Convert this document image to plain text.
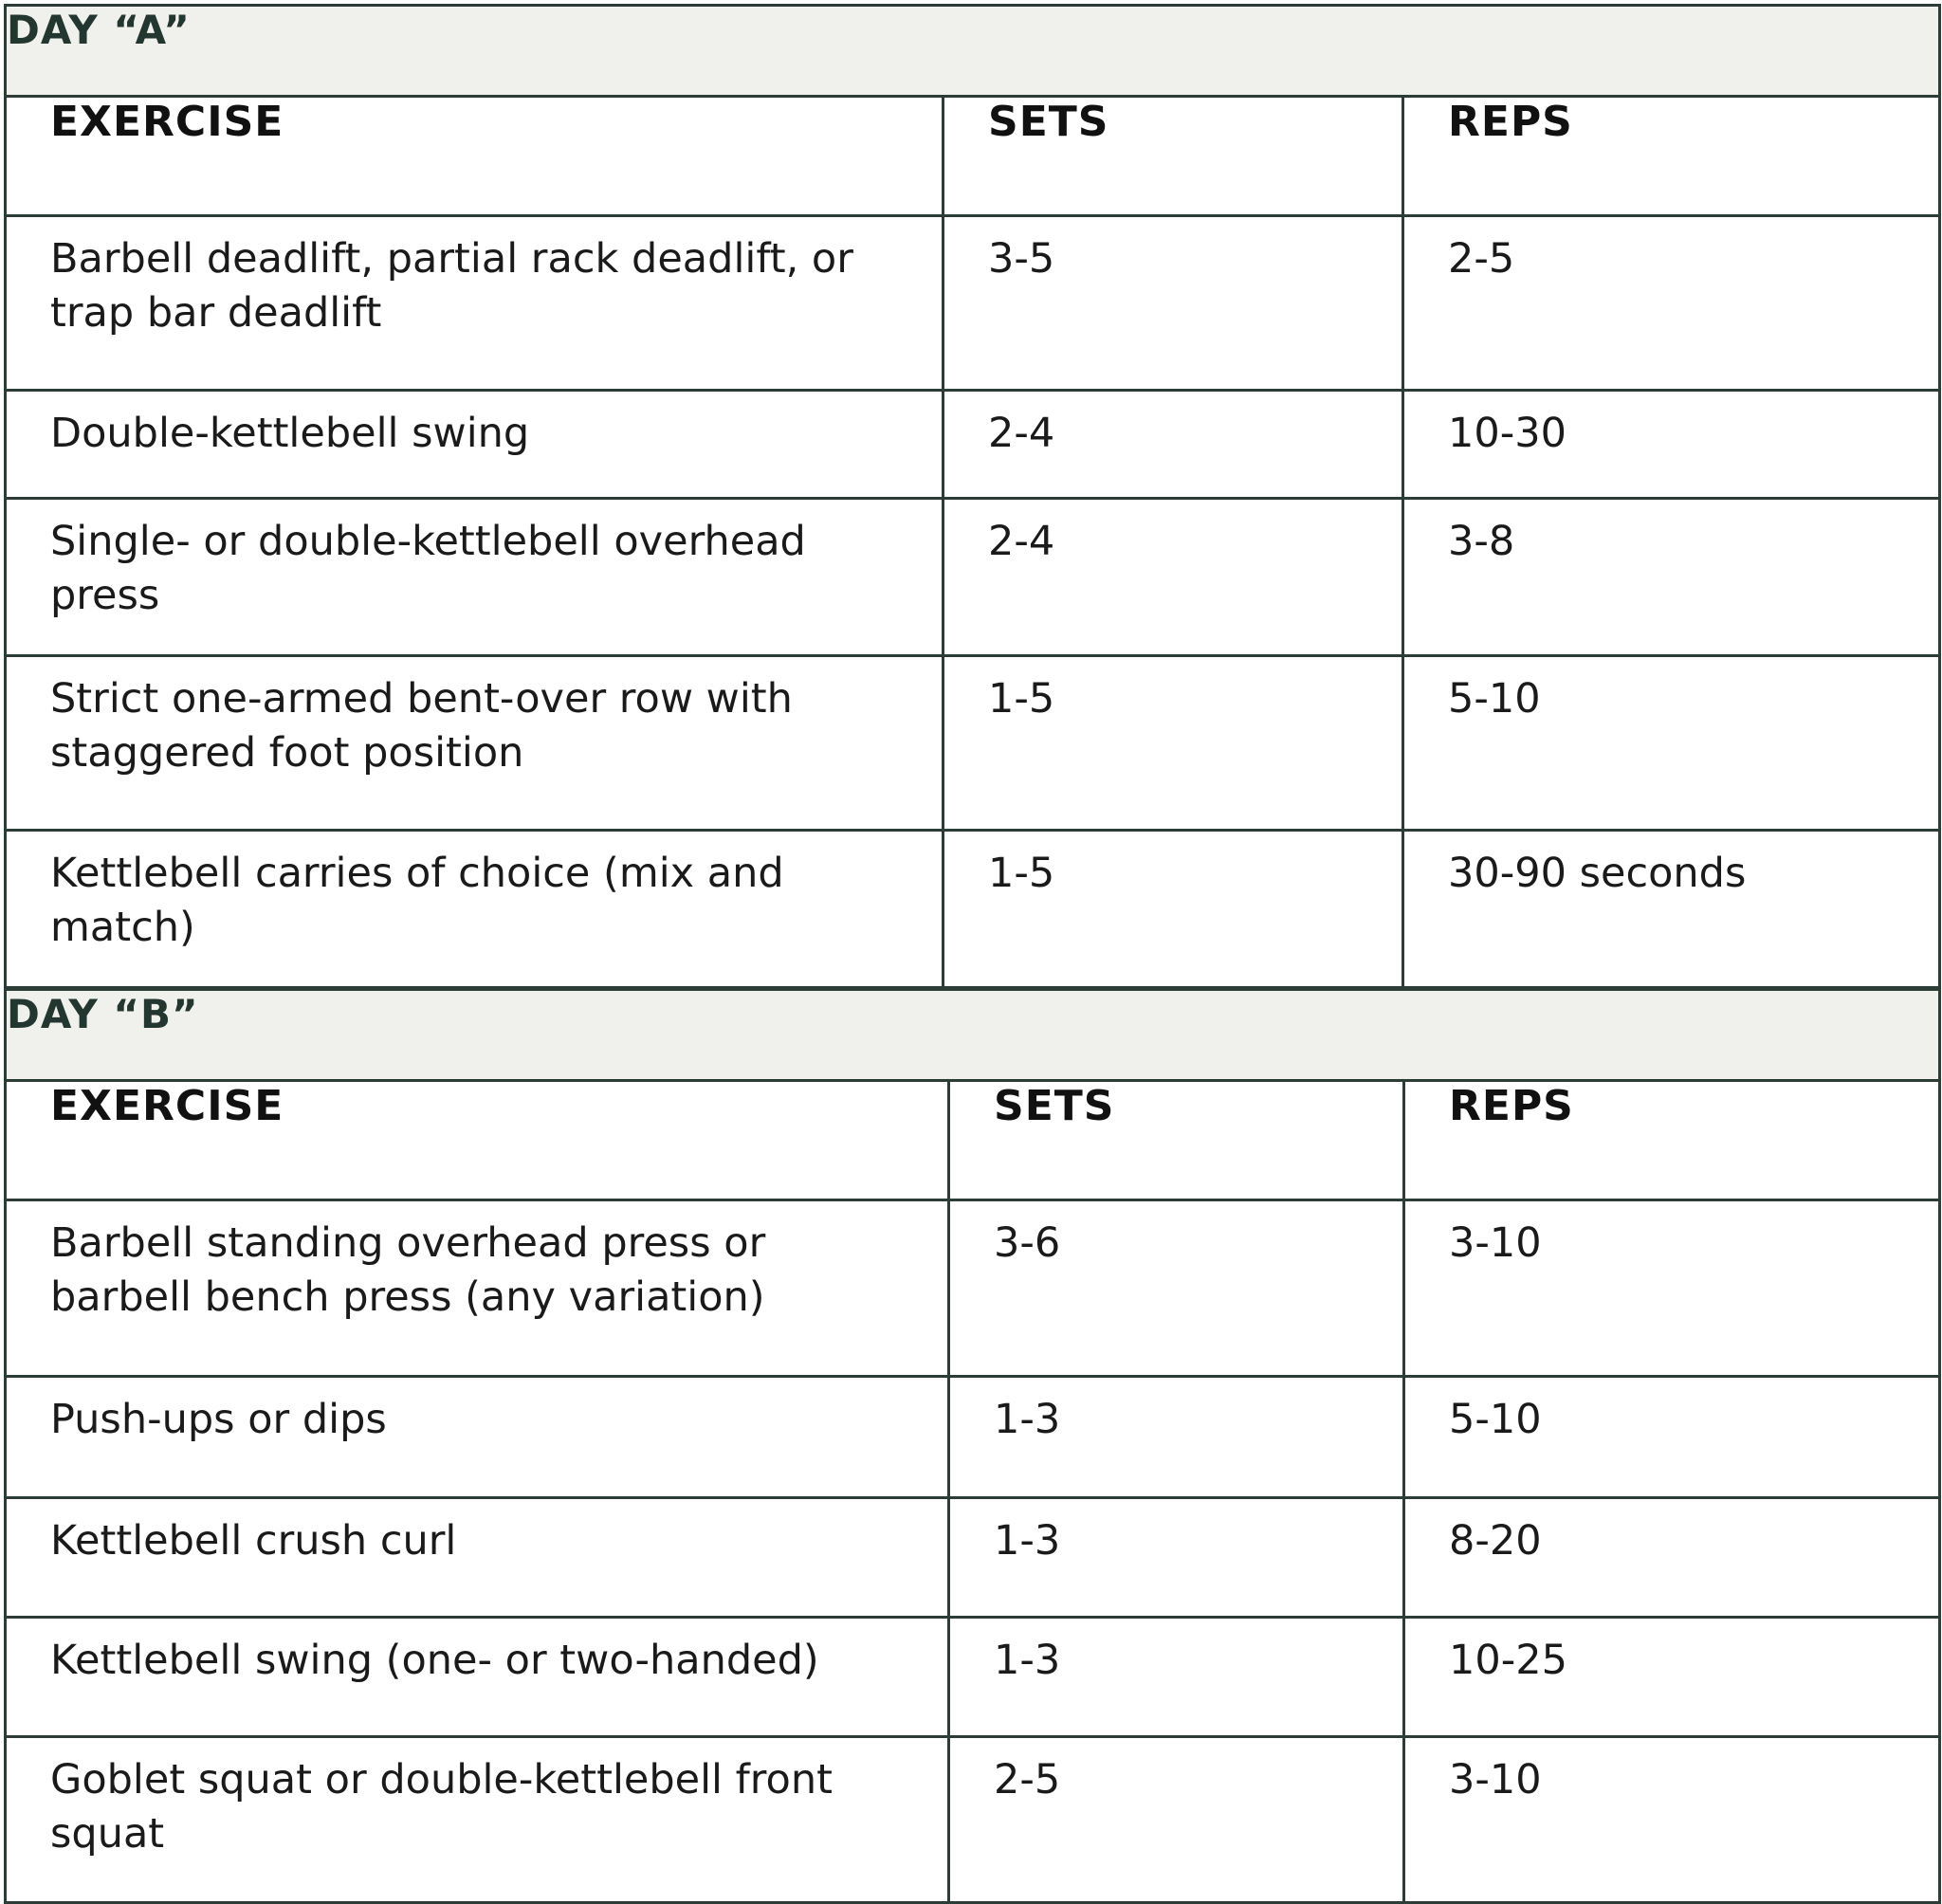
DAY “A”		
EXERCISE	SETS	REPS
Barbell deadlift, partial rack deadlift, or trap bar deadlift	3-5	2-5
Double-kettlebell swing	2-4	10-30
Single- or double-kettlebell overhead press	2-4	3-8
Strict one-armed bent-over row with staggered foot position	1-5	5-10
Kettlebell carries of choice (mix and match)	1-5	30-90 seconds
DAY “B”		
EXERCISE	SETS	REPS
Barbell standing overhead press or barbell bench press (any variation)	3-6	3-10
Push-ups or dips	1-3	5-10
Kettlebell crush curl	1-3	8-20
Kettlebell swing (one- or two-handed)	1-3	10-25
Goblet squat or double-kettlebell front squat	2-5	3-10
